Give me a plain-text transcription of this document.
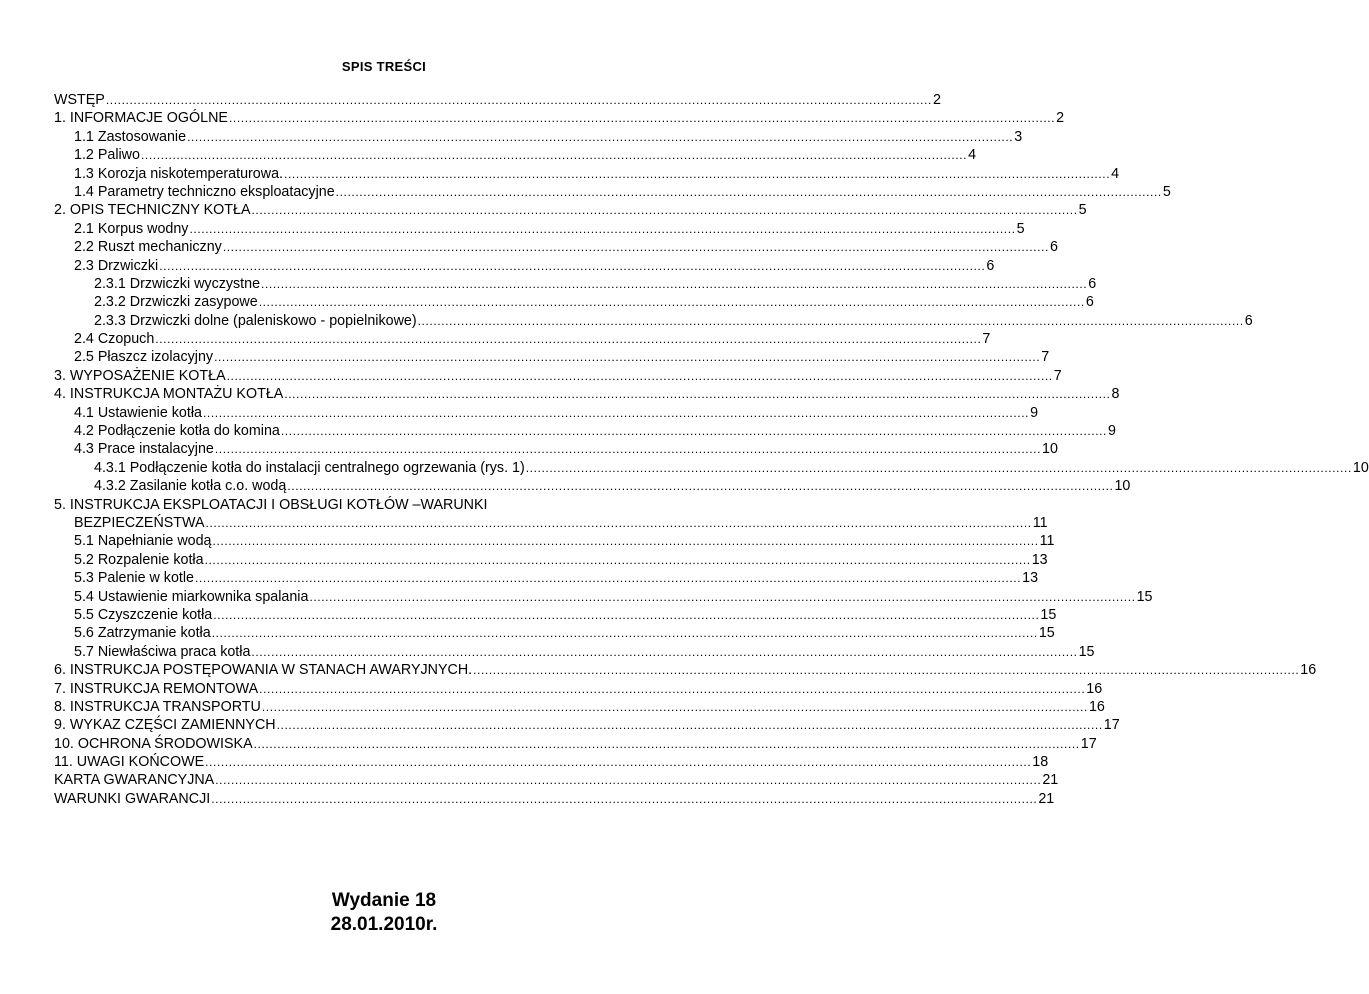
SPIS TREŚCI
WSTĘP .................................................................................................................................................................................................................. 2
1. INFORMACJE OGÓLNE .................................................................................................................................................................................................................. 2
1.1 Zastosowanie .................................................................................................................................................................................................................. 3
1.2 Paliwo .................................................................................................................................................................................................................. 4
1.3 Korozja niskotemperaturowa. .................................................................................................................................................................................................................. 4
1.4 Parametry techniczno eksploatacyjne .................................................................................................................................................................................................................. 5
2. OPIS TECHNICZNY KOTŁA .................................................................................................................................................................................................................. 5
2.1 Korpus wodny .................................................................................................................................................................................................................. 5
2.2 Ruszt mechaniczny .................................................................................................................................................................................................................. 6
2.3 Drzwiczki .................................................................................................................................................................................................................. 6
2.3.1 Drzwiczki wyczystne .................................................................................................................................................................................................................. 6
2.3.2 Drzwiczki zasypowe .................................................................................................................................................................................................................. 6
2.3.3 Drzwiczki dolne (paleniskowo - popielnikowe) .................................................................................................................................................................................................................. 6
2.4 Czopuch .................................................................................................................................................................................................................. 7
2.5 Płaszcz izolacyjny .................................................................................................................................................................................................................. 7
3. WYPOSAŻENIE KOTŁA .................................................................................................................................................................................................................. 7
4. INSTRUKCJA MONTAŻU KOTŁA .................................................................................................................................................................................................................. 8
4.1 Ustawienie kotła .................................................................................................................................................................................................................. 9
4.2 Podłączenie kotła do komina .................................................................................................................................................................................................................. 9
4.3 Prace instalacyjne .................................................................................................................................................................................................................. 10
4.3.1 Podłączenie kotła do instalacji centralnego ogrzewania (rys. 1) .................................................................................................................................................................................................................. 10
4.3.2 Zasilanie kotła c.o. wodą .................................................................................................................................................................................................................. 10
5. INSTRUKCJA EKSPLOATACJI I OBSŁUGI KOTŁÓW –WARUNKI
BEZPIECZEŃSTWA .................................................................................................................................................................................................................. 11
5.1 Napełnianie wodą .................................................................................................................................................................................................................. 11
5.2 Rozpalenie kotła .................................................................................................................................................................................................................. 13
5.3 Palenie w kotle .................................................................................................................................................................................................................. 13
5.4 Ustawienie miarkownika spalania .................................................................................................................................................................................................................. 15
5.5 Czyszczenie kotła .................................................................................................................................................................................................................. 15
5.6 Zatrzymanie kotła .................................................................................................................................................................................................................. 15
5.7 Niewłaściwa praca kotła .................................................................................................................................................................................................................. 15
6. INSTRUKCJA POSTĘPOWANIA W STANACH AWARYJNYCH. .................................................................................................................................................................................................................. 16
7. INSTRUKCJA REMONTOWA .................................................................................................................................................................................................................. 16
8. INSTRUKCJA TRANSPORTU .................................................................................................................................................................................................................. 16
9. WYKAZ CZĘŚCI ZAMIENNYCH .................................................................................................................................................................................................................. 17
10. OCHRONA ŚRODOWISKA .................................................................................................................................................................................................................. 17
11. UWAGI KOŃCOWE .................................................................................................................................................................................................................. 18
KARTA GWARANCYJNA .................................................................................................................................................................................................................. 21
WARUNKI GWARANCJI .................................................................................................................................................................................................................. 21
Wydanie 18
28.01.2010r.
